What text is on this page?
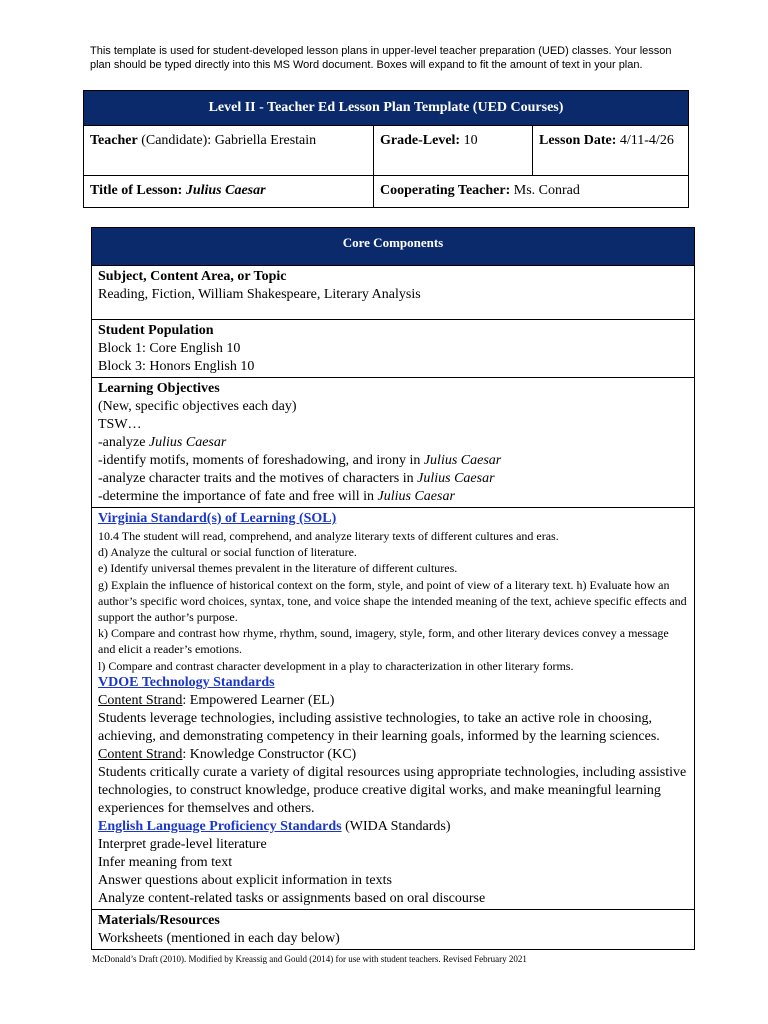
This template is used for student-developed lesson plans in upper-level teacher preparation (UED) classes. Your lesson plan should be typed directly into this MS Word document. Boxes will expand to fit the amount of text in your plan.

Level II - Teacher Ed Lesson Plan Template (UED Courses)		
Teacher (Candidate): Gabriella Erestain	Grade-Level: 10	Lesson Date: 4/11-4/26
Title of Lesson: Julius Caesar	Cooperating Teacher: Ms. Conrad	
Core Components

Subject, Content Area, or Topic

Reading, Fiction, William Shakespeare, Literary Analysis

Student Population

Block 1: Core English 10

Block 3: Honors English 10

Learning Objectives

(New, specific objectives each day)

TSW…

-analyze Julius Caesar

-identify motifs, moments of foreshadowing, and irony in Julius Caesar

-analyze character traits and the motives of characters in Julius Caesar

-determine the importance of fate and free will in Julius Caesar

Virginia Standard(s) of Learning (SOL)

10.4 The student will read, comprehend, and analyze literary texts of different cultures and eras.

d) Analyze the cultural or social function of literature.

e) Identify universal themes prevalent in the literature of different cultures.

g) Explain the influence of historical context on the form, style, and point of view of a literary text. h) Evaluate how an author’s specific word choices, syntax, tone, and voice shape the intended meaning of the text, achieve specific effects and support the author’s purpose.

k) Compare and contrast how rhyme, rhythm, sound, imagery, style, form, and other literary devices convey a message and elicit a reader’s emotions.

l) Compare and contrast character development in a play to characterization in other literary forms.

VDOE Technology Standards

Content Strand: Empowered Learner (EL)

Students leverage technologies, including assistive technologies, to take an active role in choosing, achieving, and demonstrating competency in their learning goals, informed by the learning sciences.

Content Strand: Knowledge Constructor (KC)

Students critically curate a variety of digital resources using appropriate technologies, including assistive technologies, to construct knowledge, produce creative digital works, and make meaningful learning experiences for themselves and others.

English Language Proficiency Standards (WIDA Standards)

Interpret grade-level literature

Infer meaning from text

Answer questions about explicit information in texts

Analyze content-related tasks or assignments based on oral discourse

Materials/Resources

Worksheets (mentioned in each day below)

McDonald’s Draft (2010). Modified by Kreassig and Gould (2014) for use with student teachers. Revised February 2021
